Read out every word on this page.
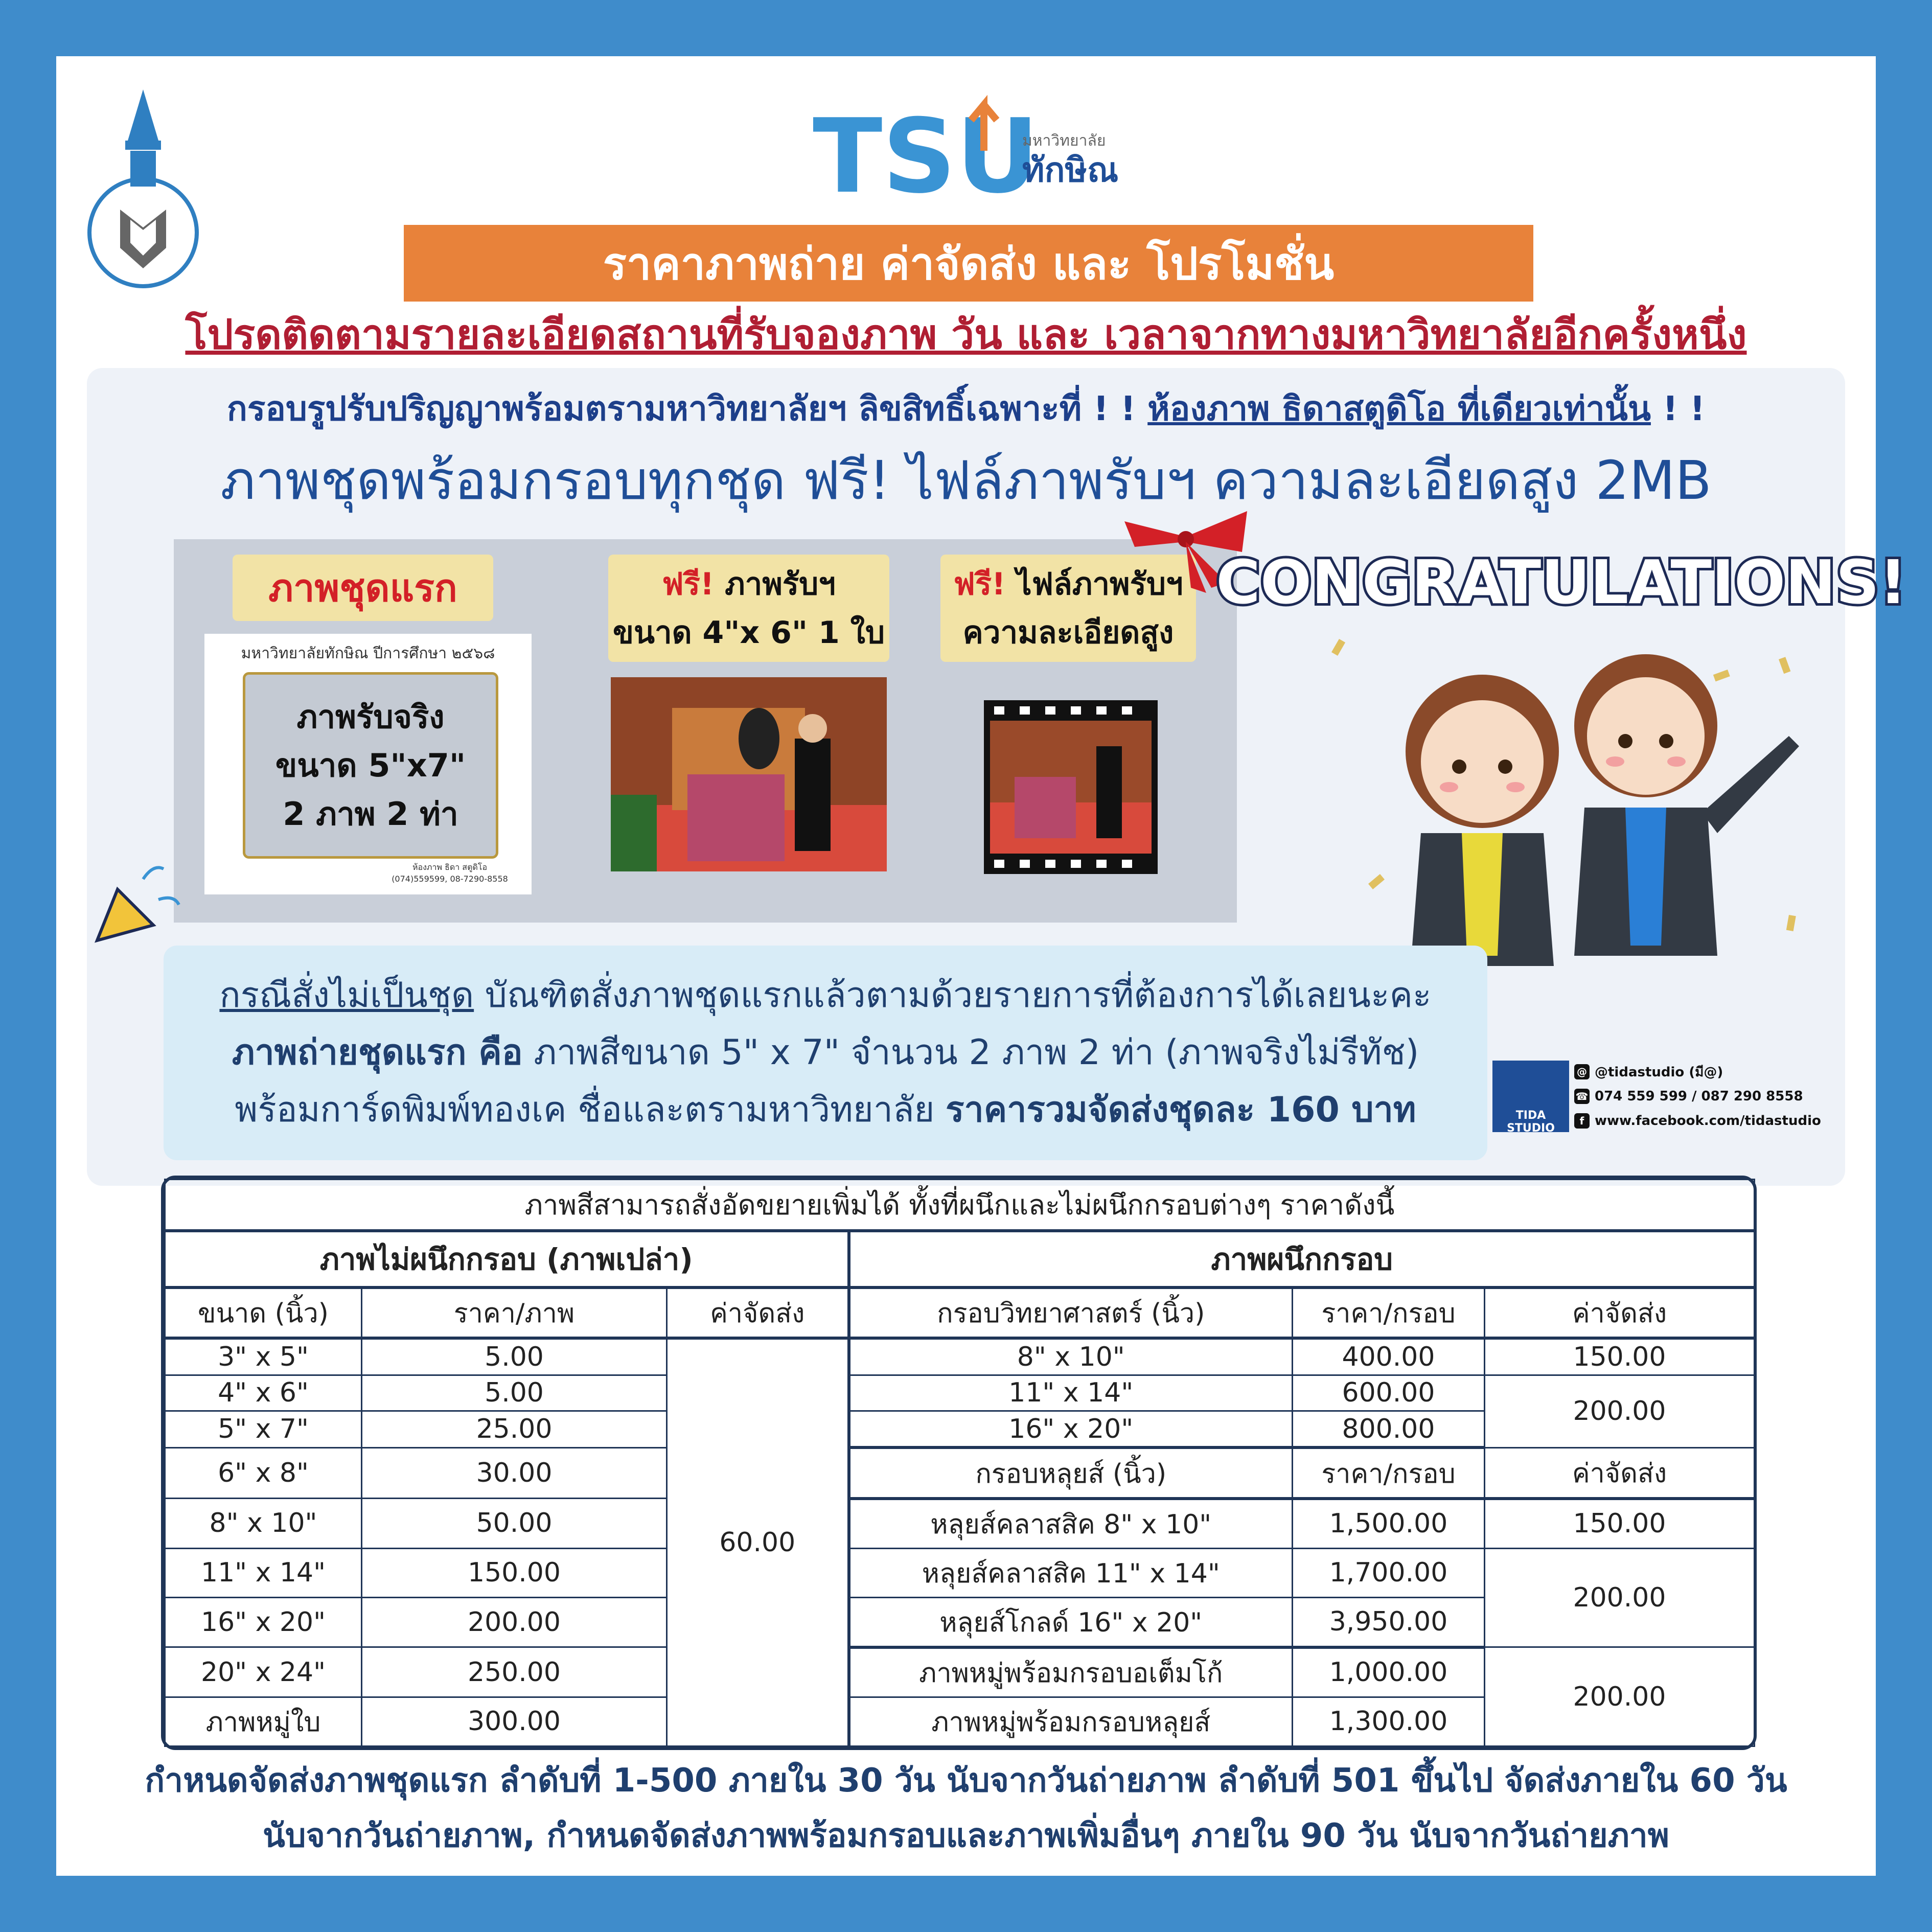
TSU
มหาวิทยาลัย
ทักษิณ
ราคาภาพถ่าย ค่าจัดส่ง และ โปรโมชั่น
โปรดติดตามรายละเอียดสถานที่รับจองภาพ วัน และ เวลาจากทางมหาวิทยาลัยอีกครั้งหนึ่ง
กรอบรูปรับปริญญาพร้อมตรามหาวิทยาลัยฯ ลิขสิทธิ์เฉพาะที่ ! ! ห้องภาพ ธิดาสตูดิโอ ที่เดียวเท่านั้น ! !
ภาพชุดพร้อมกรอบทุกชุด ฟรี! ไฟล์ภาพรับฯ ความละเอียดสูง 2MB
ภาพชุดแรก	ฟรี! ภาพรับฯ
ขนาด 4"x 6" 1 ใบ
ฟรี! ไฟล์ภาพรับฯ
ความละเอียดสูง
มหาวิทยาลัยทักษิณ ปีการศึกษา ๒๕๖๘
ภาพรับจริง
ขนาด 5"x7"
2 ภาพ 2 ท่า
ห้องภาพ ธิดา สตูดิโอ
(074)559599, 08-7290-8558
CONGRATULATIONS!
กรณีสั่งไม่เป็นชุด บัณฑิตสั่งภาพชุดแรกแล้วตามด้วยรายการที่ต้องการได้เลยนะคะ
ภาพถ่ายชุดแรก คือ ภาพสีขนาด 5" x 7" จำนวน 2 ภาพ 2 ท่า (ภาพจริงไม่รีทัช)
พร้อมการ์ดพิมพ์ทองเค ชื่อและตรามหาวิทยาลัย ราคารวมจัดส่งชุดละ 160 บาท	TIDA STUDIO
@ @tidastudio (มี@)
☎ 074 559 599 / 087 290 8558
f www.facebook.com/tidastudio
ภาพสีสามารถสั่งอัดขยายเพิ่มได้ ทั้งที่ผนึกและไม่ผนึกกรอบต่างๆ ราคาดังนี้					
ภาพไม่ผนึกกรอบ (ภาพเปล่า)			ภาพผนึกกรอบ		
ขนาด (นิ้ว)	ราคา/ภาพ	ค่าจัดส่ง	กรอบวิทยาศาสตร์ (นิ้ว)	ราคา/กรอบ	ค่าจัดส่ง
3" x 5"	5.00	60.00	8" x 10"	400.00	150.00
4" x 6"	5.00		11" x 14"	600.00	200.00
5" x 7"	25.00		16" x 20"	800.00	
6" x 8"	30.00		กรอบหลุยส์ (นิ้ว)	ราคา/กรอบ	ค่าจัดส่ง
8" x 10"	50.00		หลุยส์คลาสสิค 8" x 10"	1,500.00	150.00
11" x 14"	150.00		หลุยส์คลาสสิค 11" x 14"	1,700.00	200.00
16" x 20"	200.00		หลุยส์โกลด์ 16" x 20"	3,950.00	
20" x 24"	250.00		ภาพหมู่พร้อมกรอบอเต็มโก้	1,000.00	200.00
ภาพหมู่ใบ	300.00		ภาพหมู่พร้อมกรอบหลุยส์	1,300.00	
กำหนดจัดส่งภาพชุดแรก ลำดับที่ 1-500 ภายใน 30 วัน นับจากวันถ่ายภาพ ลำดับที่ 501 ขึ้นไป จัดส่งภายใน 60 วัน
นับจากวันถ่ายภาพ, กำหนดจัดส่งภาพพร้อมกรอบและภาพเพิ่มอื่นๆ ภายใน 90 วัน นับจากวันถ่ายภาพ
